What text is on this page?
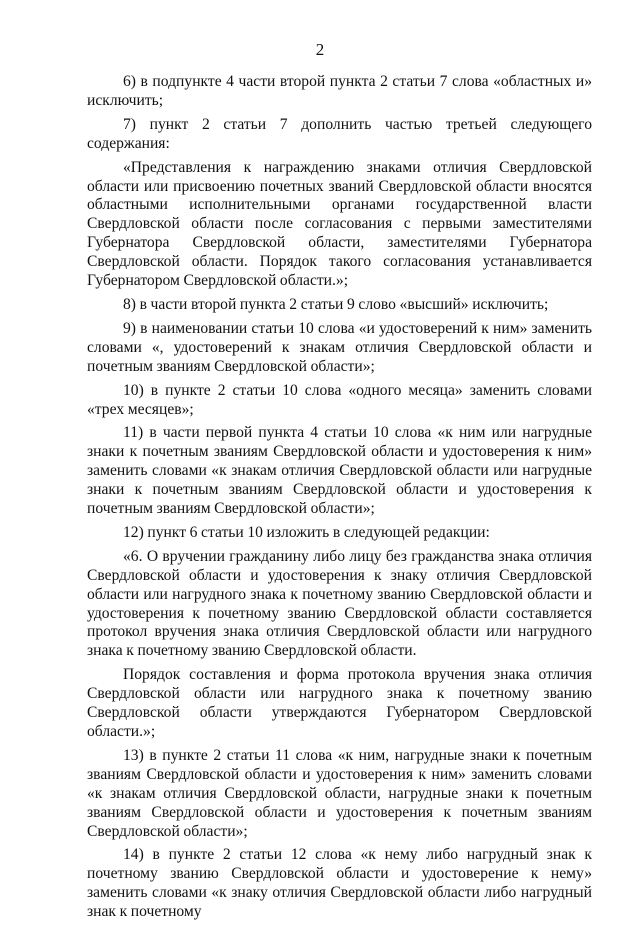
2

6) в подпункте 4 части второй пункта 2 статьи 7 слова «областных и» исключить;

7) пункт 2 статьи 7 дополнить частью третьей следующего содержания:

«Представления к награждению знаками отличия Свердловской области или присвоению почетных званий Свердловской области вносятся областными исполнительными органами государственной власти Свердловской области после согласования с первыми заместителями Губернатора Свердловской области, заместителями Губернатора Свердловской области. Порядок такого согласования устанавливается Губернатором Свердловской области.»;

8) в части второй пункта 2 статьи 9 слово «высший» исключить;

9) в наименовании статьи 10 слова «и удостоверений к ним» заменить словами «, удостоверений к знакам отличия Свердловской области и почетным званиям Свердловской области»;

10) в пункте 2 статьи 10 слова «одного месяца» заменить словами «трех месяцев»;

11) в части первой пункта 4 статьи 10 слова «к ним или нагрудные знаки к почетным званиям Свердловской области и удостоверения к ним» заменить словами «к знакам отличия Свердловской области или нагрудные знаки к почетным званиям Свердловской области и удостоверения к почетным званиям Свердловской области»;

12) пункт 6 статьи 10 изложить в следующей редакции:

«6. О вручении гражданину либо лицу без гражданства знака отличия Свердловской области и удостоверения к знаку отличия Свердловской области или нагрудного знака к почетному званию Свердловской области и удостоверения к почетному званию Свердловской области составляется протокол вручения знака отличия Свердловской области или нагрудного знака к почетному званию Свердловской области.

Порядок составления и форма протокола вручения знака отличия Свердловской области или нагрудного знака к почетному званию Свердловской области утверждаются Губернатором Свердловской области.»;

13) в пункте 2 статьи 11 слова «к ним, нагрудные знаки к почетным званиям Свердловской области и удостоверения к ним» заменить словами «к знакам отличия Свердловской области, нагрудные знаки к почетным званиям Свердловской области и удостоверения к почетным званиям Свердловской области»;

14) в пункте 2 статьи 12 слова «к нему либо нагрудный знак к почетному званию Свердловской области и удостоверение к нему» заменить словами «к знаку отличия Свердловской области либо нагрудный знак к почетному
